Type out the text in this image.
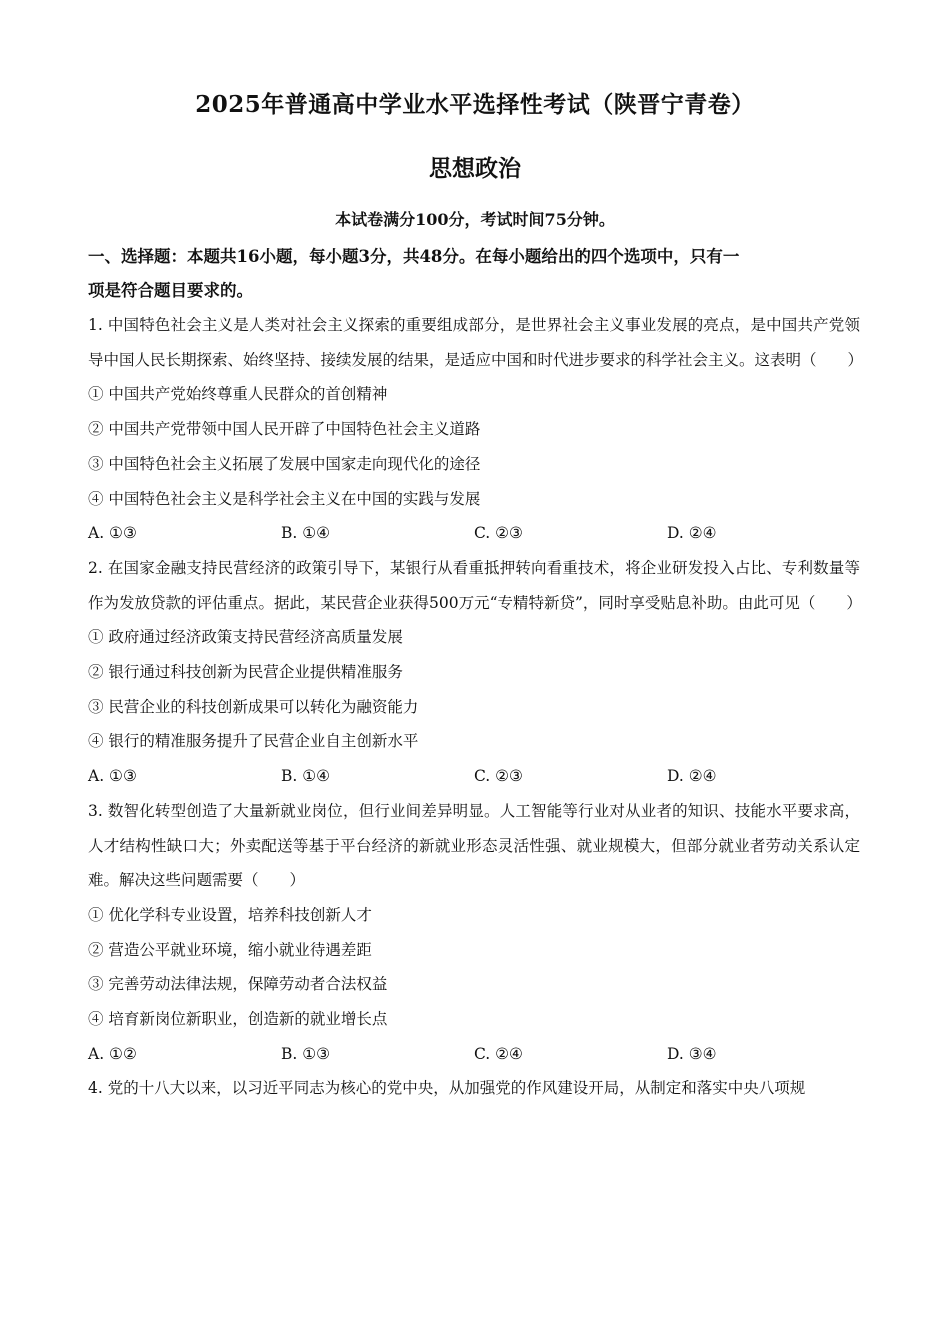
2025年普通高中学业水平选择性考试（陕晋宁青卷）
思想政治
本试卷满分100分，考试时间75分钟。

一、选择题：本题共16小题，每小题3分，共48分。在每小题给出的四个选项中，只有一

项是符合题目要求的。

1. 中国特色社会主义是人类对社会主义探索的重要组成部分，是世界社会主义事业发展的亮点，是中国共产党领导中国人民长期探索、始终坚持、接续发展的结果，是适应中国和时代进步要求的科学社会主义。这表明（　　）

① 中国共产党始终尊重人民群众的首创精神

② 中国共产党带领中国人民开辟了中国特色社会主义道路

③ 中国特色社会主义拓展了发展中国家走向现代化的途径

④ 中国特色社会主义是科学社会主义在中国的实践与发展

A. ①③	B. ①④	C. ②③	D. ②④

2. 在国家金融支持民营经济的政策引导下，某银行从看重抵押转向看重技术，将企业研发投入占比、专利数量等作为发放贷款的评估重点。据此，某民营企业获得500万元“专精特新贷”，同时享受贴息补助。由此可见（　　）

① 政府通过经济政策支持民营经济高质量发展

② 银行通过科技创新为民营企业提供精准服务

③ 民营企业的科技创新成果可以转化为融资能力

④ 银行的精准服务提升了民营企业自主创新水平

A. ①③	B. ①④	C. ②③	D. ②④

3. 数智化转型创造了大量新就业岗位，但行业间差异明显。人工智能等行业对从业者的知识、技能水平要求高，人才结构性缺口大；外卖配送等基于平台经济的新就业形态灵活性强、就业规模大，但部分就业者劳动关系认定难。解决这些问题需要（　　）

① 优化学科专业设置，培养科技创新人才

② 营造公平就业环境，缩小就业待遇差距

③ 完善劳动法律法规，保障劳动者合法权益

④ 培育新岗位新职业，创造新的就业增长点

A. ①②	B. ①③	C. ②④	D. ③④

4. 党的十八大以来，以习近平同志为核心的党中央，从加强党的作风建设开局，从制定和落实中央八项规
